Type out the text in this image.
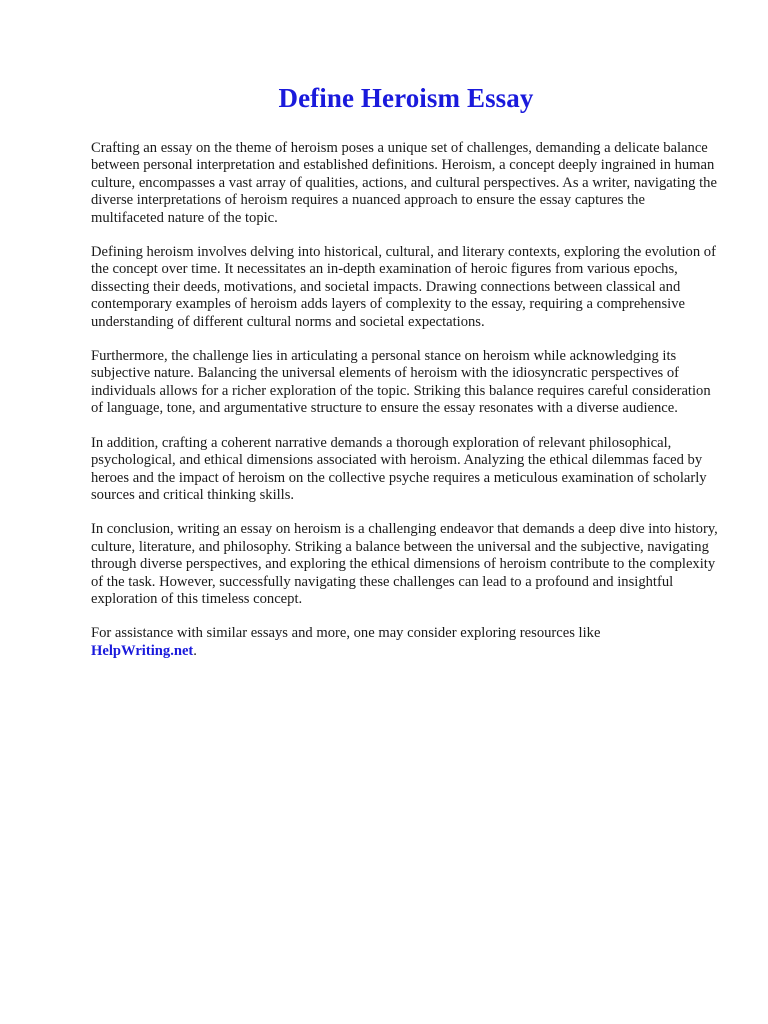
Define Heroism Essay

Crafting an essay on the theme of heroism poses a unique set of challenges, demanding a delicate balance between personal interpretation and established definitions. Heroism, a concept deeply ingrained in human culture, encompasses a vast array of qualities, actions, and cultural perspectives. As a writer, navigating the diverse interpretations of heroism requires a nuanced approach to ensure the essay captures the multifaceted nature of the topic.

Defining heroism involves delving into historical, cultural, and literary contexts, exploring the evolution of the concept over time. It necessitates an in-depth examination of heroic figures from various epochs, dissecting their deeds, motivations, and societal impacts. Drawing connections between classical and contemporary examples of heroism adds layers of complexity to the essay, requiring a comprehensive understanding of different cultural norms and societal expectations.

Furthermore, the challenge lies in articulating a personal stance on heroism while acknowledging its subjective nature. Balancing the universal elements of heroism with the idiosyncratic perspectives of individuals allows for a richer exploration of the topic. Striking this balance requires careful consideration of language, tone, and argumentative structure to ensure the essay resonates with a diverse audience.

In addition, crafting a coherent narrative demands a thorough exploration of relevant philosophical, psychological, and ethical dimensions associated with heroism. Analyzing the ethical dilemmas faced by heroes and the impact of heroism on the collective psyche requires a meticulous examination of scholarly sources and critical thinking skills.

In conclusion, writing an essay on heroism is a challenging endeavor that demands a deep dive into history, culture, literature, and philosophy. Striking a balance between the universal and the subjective, navigating through diverse perspectives, and exploring the ethical dimensions of heroism contribute to the complexity of the task. However, successfully navigating these challenges can lead to a profound and insightful exploration of this timeless concept.

For assistance with similar essays and more, one may consider exploring resources like
HelpWriting.net.
